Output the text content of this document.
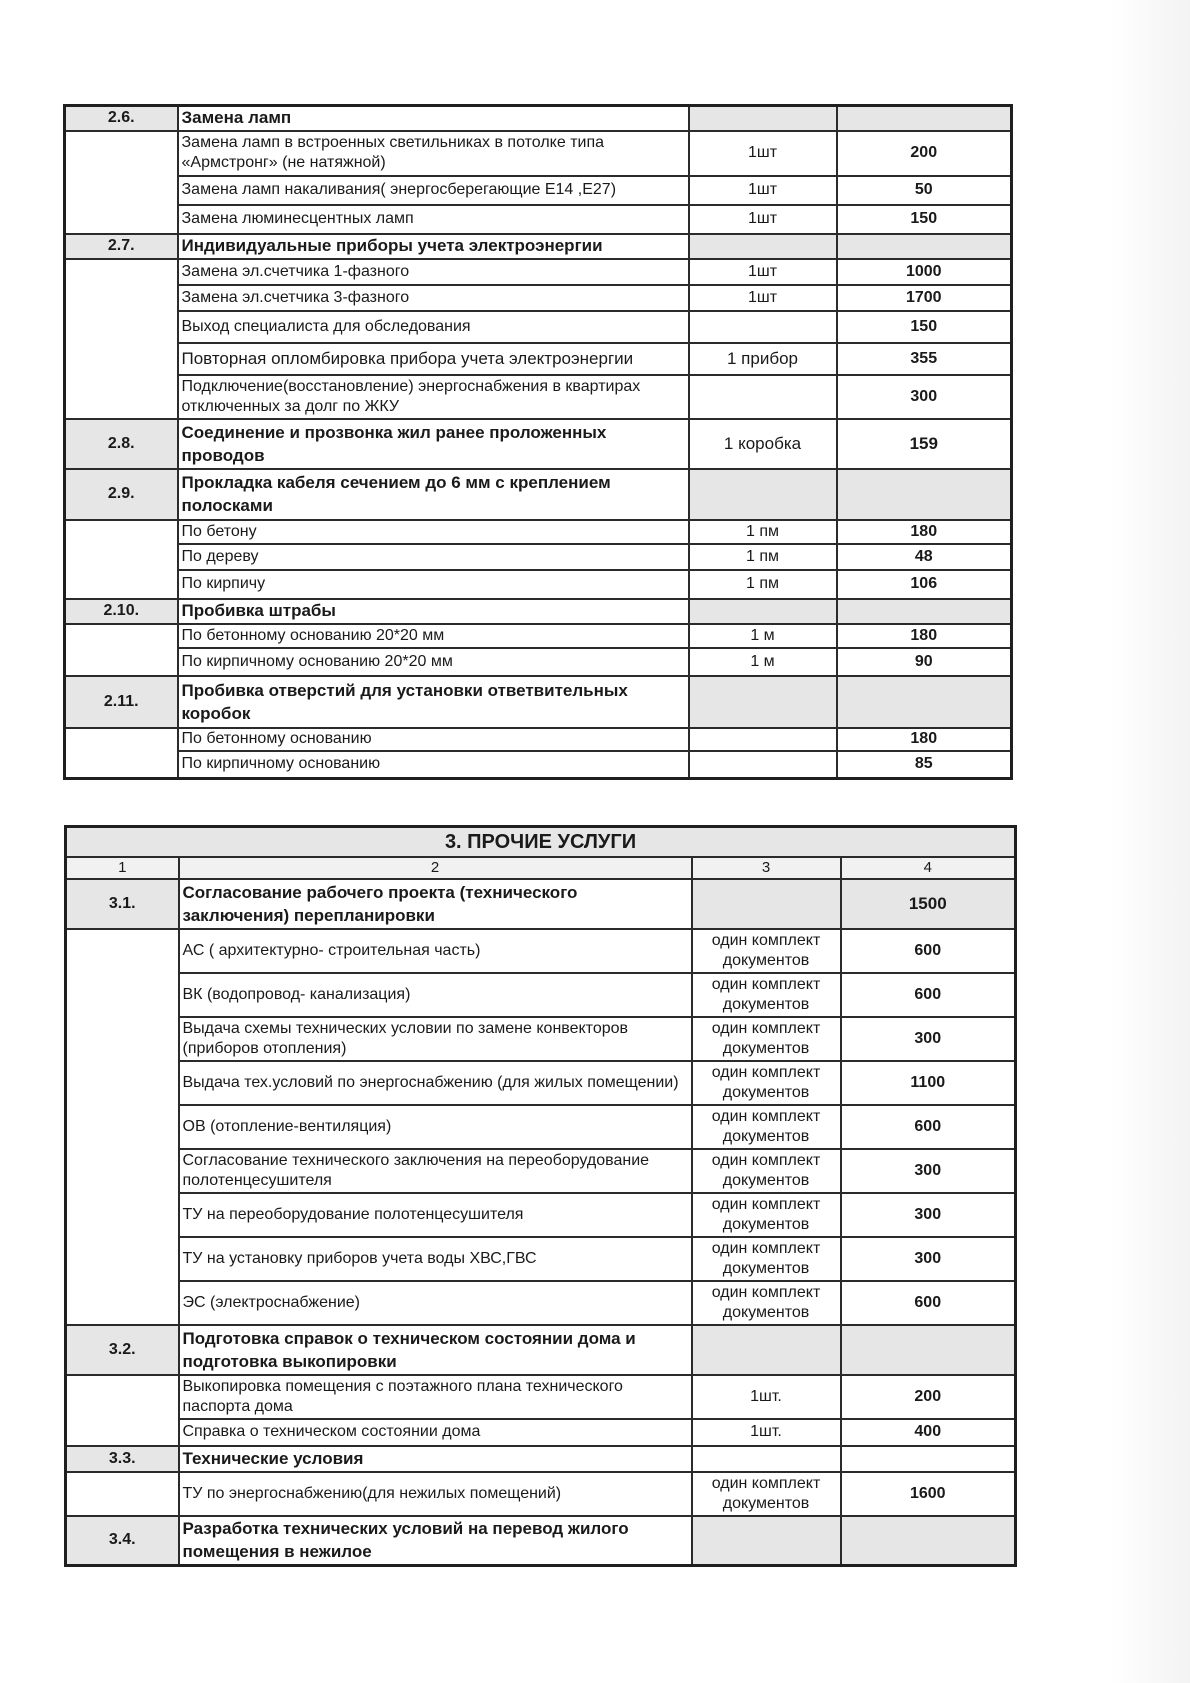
2.6.	Замена ламп		
	Замена ламп в встроенных светильниках в потолке типа «Армстронг» (не натяжной)	1шт	200
	Замена ламп накаливания( энергосберегающие Е14 ,Е27)	1шт	50
	Замена люминесцентных ламп	1шт	150
2.7.	Индивидуальные приборы учета электроэнергии		
	Замена эл.счетчика 1-фазного	1шт	1000
	Замена эл.счетчика 3-фазного	1шт	1700
	Выход специалиста для обследования		150
	Повторная опломбировка прибора учета электроэнергии	1 прибор	355
	Подключение(восстановление) энергоснабжения в квартирах отключенных за долг по ЖКУ		300
2.8.	Соединение и прозвонка жил ранее проложенных проводов	1 коробка	159
2.9.	Прокладка кабеля сечением до 6 мм с креплением полосками		
	По бетону	1 пм	180
	По дереву	1 пм	48
	По кирпичу	1 пм	106
2.10.	Пробивка штрабы		
	По бетонному основанию 20*20 мм	1 м	180
	По кирпичному основанию 20*20 мм	1 м	90
2.11.	Пробивка отверстий для установки ответвительных коробок		
	По бетонному основанию		180
	По кирпичному основанию		85
3. ПРОЧИЕ УСЛУГИ			
1	2	3	4
3.1.	Согласование рабочего проекта (технического заключения) перепланировки		1500
	АС ( архитектурно- строительная часть)	один комплект документов	600
	ВК (водопровод- канализация)	один комплект документов	600
	Выдача схемы технических условии по замене конвекторов (приборов отопления)	один комплект документов	300
	Выдача тех.условий по энергоснабжению (для жилых помещении)	один комплект документов	1100
	ОВ (отопление-вентиляция)	один комплект документов	600
	Согласование технического заключения на переоборудование полотенцесушителя	один комплект документов	300
	ТУ на переоборудование полотенцесушителя	один комплект документов	300
	ТУ на установку приборов учета воды ХВС,ГВС	один комплект документов	300
	ЭС (электроснабжение)	один комплект документов	600
3.2.	Подготовка справок о техническом состоянии дома и подготовка выкопировки		
	Выкопировка помещения с поэтажного плана технического паспорта дома	1шт.	200
	Справка о техническом состоянии дома	1шт.	400
3.3.	Технические условия		
	ТУ по энергоснабжению(для нежилых помещений)	один комплект документов	1600
3.4.	Разработка технических условий на перевод жилого помещения в нежилое		
